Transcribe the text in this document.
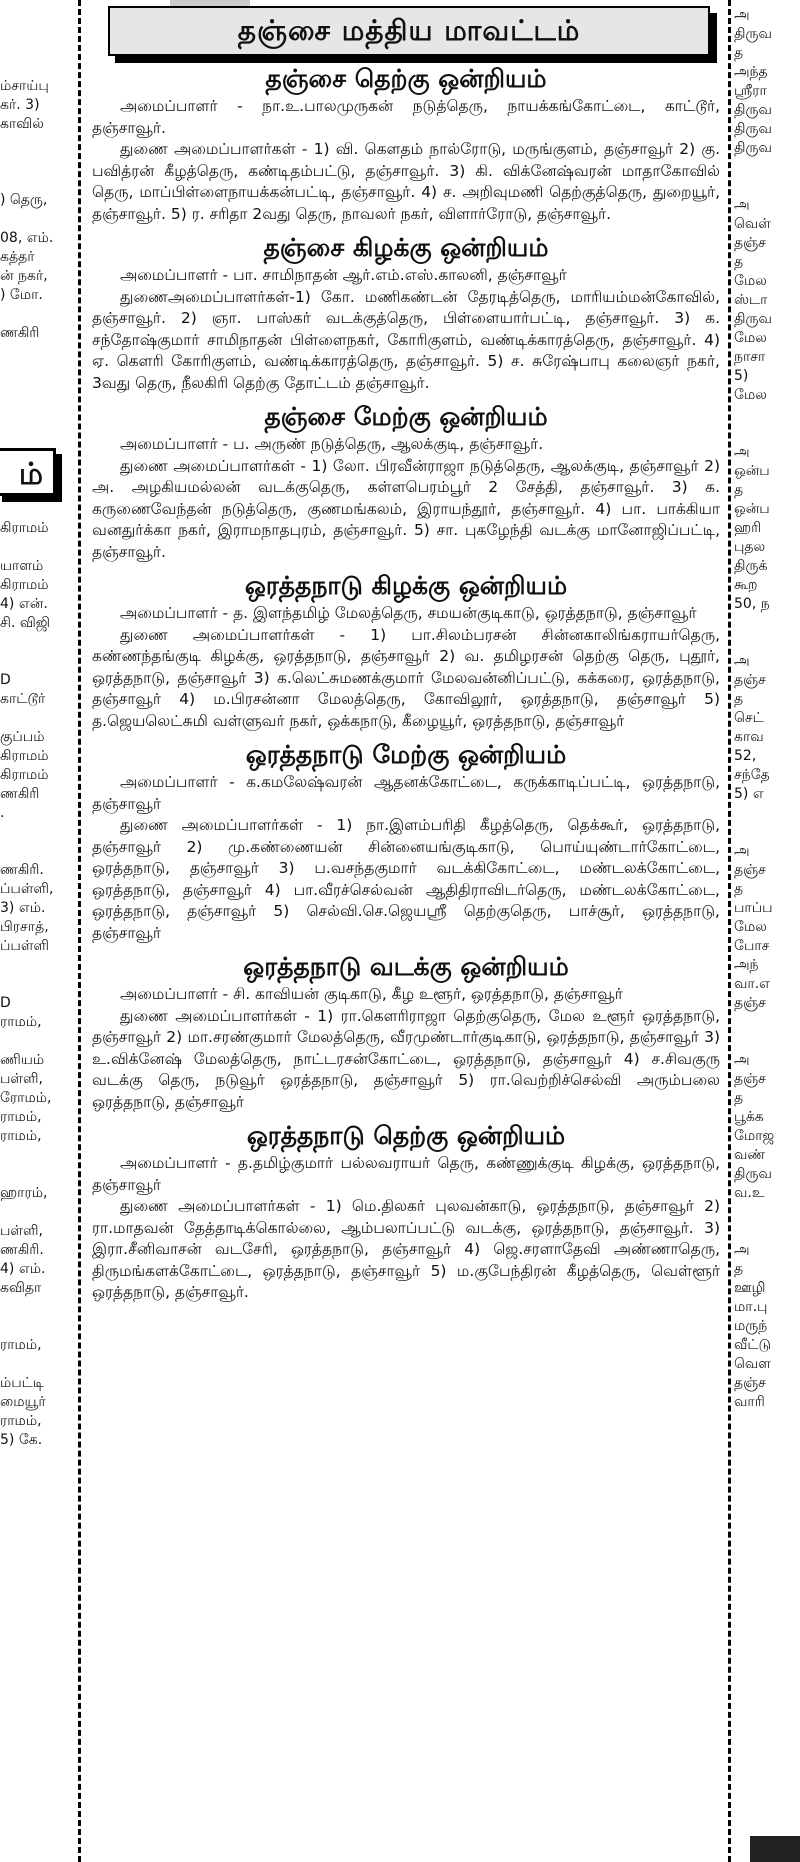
ம்சாய்பு
கர். 3)
காவில்
) தெரு,
08, எம்.
கத்தர்
ன் நகர்,
) மோ.
ணகிரி
ம்
கிராமம்
யாளம்
கிராமம்
4) என்.
சி. விஜி
D
காட்டூர்
குப்பம்
கிராமம்
கிராமம்
ணகிரி
.
ணகிரி.
ப்பள்ளி,
3) எம்.
பிரசாத்,
ப்பள்ளி
D
ராமம்,
ணியம்
பள்ளி,
ரோமம்,
ராமம்,
ராமம்,
ஹாரம்,
பள்ளி,
ணகிரி.
4) எம்.
கவிதா
ராமம்,
ம்பட்டி
மையூர்
ராமம்,
5) கே.
தஞ்சை மத்திய மாவட்டம்
தஞ்சை தெற்கு ஒன்றியம்

அமைப்பாளர் - நா.உ.பாலமுருகன் நடுத்தெரு, நாயக்கங்கோட்டை, காட்டூர், தஞ்சாவூர்.

துணை அமைப்பாளர்கள் - 1) வி. கௌதம் நால்ரோடு, மருங்குளம், தஞ்சாவூர் 2) கு. பவித்ரன் கீழத்தெரு, கண்டிதம்பட்டு, தஞ்சாவூர். 3) கி. விக்னேஷ்வரன் மாதாகோவில் தெரு, மாப்பிள்ளைநாயக்கன்பட்டி, தஞ்சாவூர். 4) ச. அறிவுமணி தெற்குத்தெரு, துறையூர், தஞ்சாவூர். 5) ர. சரிதா 2வது தெரு, நாவலர் நகர், விளார்ரோடு, தஞ்சாவூர்.

தஞ்சை கிழக்கு ஒன்றியம்

அமைப்பாளர் - பா. சாமிநாதன் ஆர்.எம்.எஸ்.காலனி, தஞ்சாவூர்

துணைஅமைப்பாளர்கள்-1) கோ. மணிகண்டன் தேரடித்தெரு, மாரியம்மன்கோவில், தஞ்சாவூர். 2) ஞா. பாஸ்கர் வடக்குத்தெரு, பிள்ளையார்பட்டி, தஞ்சாவூர். 3) க. சந்தோஷ்குமார் சாமிநாதன் பிள்ளைநகர், கோரிகுளம், வண்டிக்காரத்தெரு, தஞ்சாவூர். 4) ஏ. கௌரி கோரிகுளம், வண்டிக்காரத்தெரு, தஞ்சாவூர். 5) ச. சுரேஷ்பாபு கலைஞர் நகர், 3வது தெரு, நீலகிரி தெற்கு தோட்டம் தஞ்சாவூர்.

தஞ்சை மேற்கு ஒன்றியம்

அமைப்பாளர் - ப. அருண் நடுத்தெரு, ஆலக்குடி, தஞ்சாவூர்.

துணை அமைப்பாளர்கள் - 1) லோ. பிரவீன்ராஜா நடுத்தெரு, ஆலக்குடி, தஞ்சாவூர் 2) அ. அழகியமல்லன் வடக்குதெரு, கள்ளபெரம்பூர் 2 சேத்தி, தஞ்சாவூர். 3) க. கருணைவேந்தன் நடுத்தெரு, குணமங்கலம், இராயந்தூர், தஞ்சாவூர். 4) பா. பாக்கியா வனதுர்க்கா நகர், இராமநாதபுரம், தஞ்சாவூர். 5) சா. புகழேந்தி வடக்கு மானோஜிப்பட்டி, தஞ்சாவூர்.

ஒரத்தநாடு கிழக்கு ஒன்றியம்

அமைப்பாளர் - த. இளந்தமிழ் மேலத்தெரு, சமயன்குடிகாடு, ஒரத்தநாடு, தஞ்சாவூர்

துணை அமைப்பாளர்கள் - 1) பா.சிலம்பரசன் சின்னகாலிங்கராயர்தெரு, கண்ணந்தங்குடி கிழக்கு, ஒரத்தநாடு, தஞ்சாவூர் 2) வ. தமிழரசன் தெற்கு தெரு, புதூர், ஒரத்தநாடு, தஞ்சாவூர் 3) க.லெட்சுமணக்குமார் மேலவன்னிப்பட்டு, கக்கரை, ஒரத்தநாடு, தஞ்சாவூர் 4) ம.பிரசன்னா மேலத்தெரு, கோவிலூர், ஒரத்தநாடு, தஞ்சாவூர் 5) த.ஜெயலெட்சுமி வள்ளுவர் நகர், ஒக்கநாடு, கீழையூர், ஒரத்தநாடு, தஞ்சாவூர்

ஒரத்தநாடு மேற்கு ஒன்றியம்

அமைப்பாளர் - க.கமலேஷ்வரன் ஆதனக்கோட்டை, கருக்காடிப்பட்டி, ஒரத்தநாடு, தஞ்சாவூர்

துணை அமைப்பாளர்கள் - 1) நா.இளம்பரிதி கீழத்தெரு, தெக்கூர், ஒரத்தநாடு, தஞ்சாவூர் 2) மு.கண்ணையன் சின்னையங்குடிகாடு, பொய்யுண்டார்கோட்டை, ஒரத்தநாடு, தஞ்சாவூர் 3) ப.வசந்தகுமார் வடக்கிகோட்டை, மண்டலக்கோட்டை, ஒரத்தநாடு, தஞ்சாவூர் 4) பா.வீரச்செல்வன் ஆதிதிராவிடர்தெரு, மண்டலக்கோட்டை, ஒரத்தநாடு, தஞ்சாவூர் 5) செல்வி.செ.ஜெயஸ்ரீ தெற்குதெரு, பாச்சூர், ஒரத்தநாடு, தஞ்சாவூர்

ஒரத்தநாடு வடக்கு ஒன்றியம்

அமைப்பாளர் - சி. காவியன் குடிகாடு, கீழ உளூர், ஒரத்தநாடு, தஞ்சாவூர்

துணை அமைப்பாளர்கள் - 1) ரா.கௌரிராஜா தெற்குதெரு, மேல உளூர் ஒரத்தநாடு, தஞ்சாவூர் 2) மா.சரண்குமார் மேலத்தெரு, வீரமுண்டார்குடிகாடு, ஒரத்தநாடு, தஞ்சாவூர் 3) உ.விக்னேஷ் மேலத்தெரு, நாட்டரசன்கோட்டை, ஒரத்தநாடு, தஞ்சாவூர் 4) ச.சிவகுரு வடக்கு தெரு, நடுவூர் ஒரத்தநாடு, தஞ்சாவூர் 5) ரா.வெற்றிச்செல்வி அரும்பலை ஒரத்தநாடு, தஞ்சாவூர்

ஒரத்தநாடு தெற்கு ஒன்றியம்

அமைப்பாளர் - த.தமிழ்குமார் பல்லவராயர் தெரு, கண்ணுக்குடி கிழக்கு, ஒரத்தநாடு, தஞ்சாவூர்

துணை அமைப்பாளர்கள் - 1) மெ.திலகர் புலவன்காடு, ஒரத்தநாடு, தஞ்சாவூர் 2) ரா.மாதவன் தேத்தாடிக்கொல்லை, ஆம்பலாப்பட்டு வடக்கு, ஒரத்தநாடு, தஞ்சாவூர். 3) இரா.சீனிவாசன் வடசேரி, ஒரத்தநாடு, தஞ்சாவூர் 4) ஜெ.சரளாதேவி அண்ணாதெரு, திருமங்களக்கோட்டை, ஒரத்தநாடு, தஞ்சாவூர் 5) ம.குபேந்திரன் கீழத்தெரு, வெள்ளூர் ஒரத்தநாடு, தஞ்சாவூர்.

அ
திருவ
த
அந்த
ஸ்ரீரா
திருவ
திருவ
திருவ
அ
வெள்
தஞ்ச
த
மேல
ஸ்டா
திருவ
மேல
நாசா
5)
மேல
அ
ஒன்ப
த
ஒன்ப
ஹரி
புதல
திருக்
கூற
50, ந
அ
தஞ்ச
த
செட்
காவ
52,
சந்தே
5) எ
அ
தஞ்ச
த
பாப்ப
மேல
போச
அந்
வா.எ
தஞ்ச
அ
தஞ்ச
த
பூக்க
மோஜ
வண்
திருவ
வ.உ
அ
த
ஊழி
மா.பு
மருந்
வீட்டு
வெள
தஞ்ச
வாரி
